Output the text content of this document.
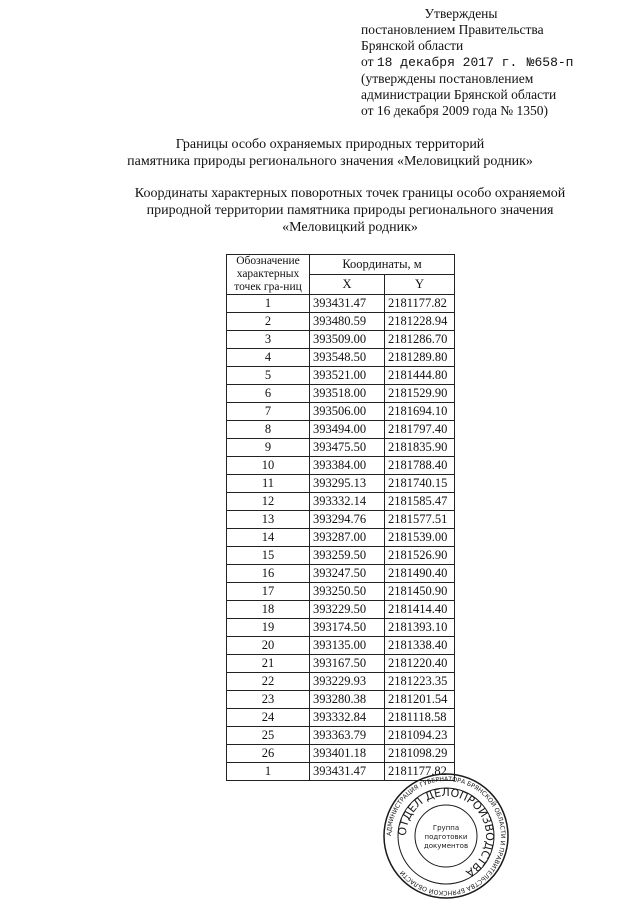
Утверждены
постановлением Правительства
Брянской области
от 18 декабря 2017 г. №658-п
(утверждены постановлением
администрации Брянской области
от 16 декабря 2009 года № 1350)
Границы особо охраняемых природных территорий
памятника природы регионального значения «Меловицкий родник»
Координаты характерных поворотных точек границы особо охраняемой
природной территории памятника природы регионального значения
«Меловицкий родник»
Обозначение характерных точек гра-ниц	Координаты, м	
	X	Y
1	393431.47	2181177.82
2	393480.59	2181228.94
3	393509.00	2181286.70
4	393548.50	2181289.80
5	393521.00	2181444.80
6	393518.00	2181529.90
7	393506.00	2181694.10
8	393494.00	2181797.40
9	393475.50	2181835.90
10	393384.00	2181788.40
11	393295.13	2181740.15
12	393332.14	2181585.47
13	393294.76	2181577.51
14	393287.00	2181539.00
15	393259.50	2181526.90
16	393247.50	2181490.40
17	393250.50	2181450.90
18	393229.50	2181414.40
19	393174.50	2181393.10
20	393135.00	2181338.40
21	393167.50	2181220.40
22	393229.93	2181223.35
23	393280.38	2181201.54
24	393332.84	2181118.58
25	393363.79	2181094.23
26	393401.18	2181098.29
1	393431.47	2181177.82
АДМИНИСТРАЦИЯ ГУБЕРНАТОРА БРЯНСКОЙ ОБЛАСТИ И ПРАВИТЕЛЬСТВА БРЯНСКОЙ ОБЛАСТИ
ОТДЕЛ ДЕЛОПРОИЗВОДСТВА
Группа
подготовки
документов
